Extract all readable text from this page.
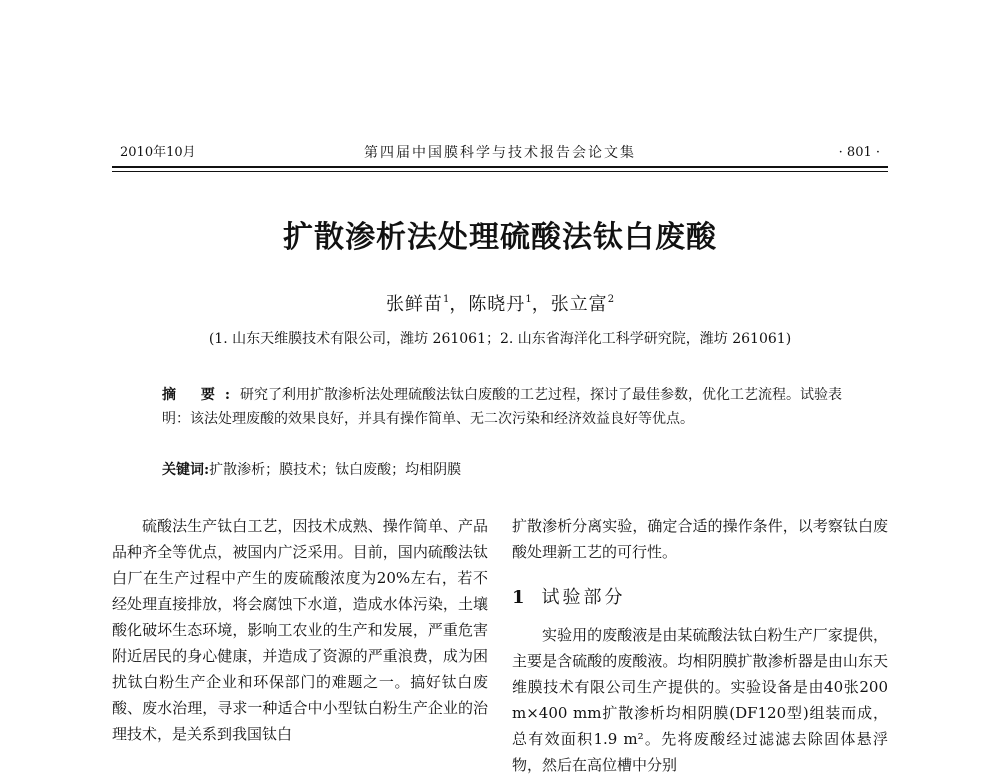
2010年10月	第四届中国膜科学与技术报告会论文集	· 801 ·
扩散渗析法处理硫酸法钛白废酸
张鲜苗$^1$，陈晓丹$^1$，张立富$^2$
(1. 山东天维膜技术有限公司，潍坊 261061；2. 山东省海洋化工科学研究院，潍坊 261061)
摘 要:研究了利用扩散渗析法处理硫酸法钛白废酸的工艺过程，探讨了最佳参数，优化工艺流程。试验表明：该法处理废酸的效果良好，并具有操作简单、无二次污染和经济效益良好等优点。
关键词:扩散渗析；膜技术；钛白废酸；均相阴膜

硫酸法生产钛白工艺，因技术成熟、操作简单、产品品种齐全等优点，被国内广泛采用。目前，国内硫酸法钛白厂在生产过程中产生的废硫酸浓度为20%左右，若不经处理直接排放，将会腐蚀下水道，造成水体污染，土壤酸化破坏生态环境，影响工农业的生产和发展，严重危害附近居民的身心健康，并造成了资源的严重浪费，成为困扰钛白粉生产企业和环保部门的难题之一。搞好钛白废酸、废水治理，寻求一种适合中小型钛白粉生产企业的治理技术，是关系到我国钛白

扩散渗析分离实验，确定合适的操作条件，以考察钛白废酸处理新工艺的可行性。

1 试验部分

实验用的废酸液是由某硫酸法钛白粉生产厂家提供，主要是含硫酸的废酸液。均相阴膜扩散渗析器是由山东天维膜技术有限公司生产提供的。实验设备是由40张200 m×400 mm扩散渗析均相阴膜(DF120型)组装而成，总有效面积1.9 m²。先将废酸经过滤滤去除固体悬浮物，然后在高位槽中分别
